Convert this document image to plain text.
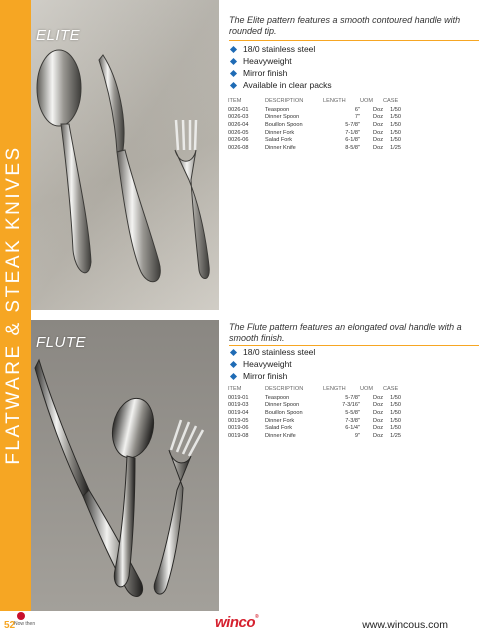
FLATWARE & STEAK KNIVES
ELITE
The Elite pattern features a smooth contoured handle with rounded tip.
18/0 stainless steel
Heavyweight
Mirror finish
Available in clear packs
ITEM	DESCRIPTION	LENGTH	UOM	CASE
0026-01	Teaspoon	6"	Doz	1/50
0026-03	Dinner Spoon	7"	Doz	1/50
0026-04	Bouillon Spoon	5-7/8"	Doz	1/50
0026-05	Dinner Fork	7-1/8"	Doz	1/50
0026-06	Salad Fork	6-1/8"	Doz	1/50
0026-08	Dinner Knife	8-5/8"	Doz	1/25
FLUTE
The Flute pattern features an elongated oval handle with a smooth finish.
18/0 stainless steel
Heavyweight
Mirror finish
ITEM	DESCRIPTION	LENGTH	UOM	CASE
0019-01	Teaspoon	5-7/8"	Doz	1/50
0019-03	Dinner Spoon	7-3/16"	Doz	1/50
0019-04	Bouillon Spoon	5-5/8"	Doz	1/50
0019-05	Dinner Fork	7-3/8"	Doz	1/50
0019-06	Salad Fork	6-1/4"	Doz	1/50
0019-08	Dinner Knife	9"	Doz	1/25
52
Now then	winco®
www.wincous.com
